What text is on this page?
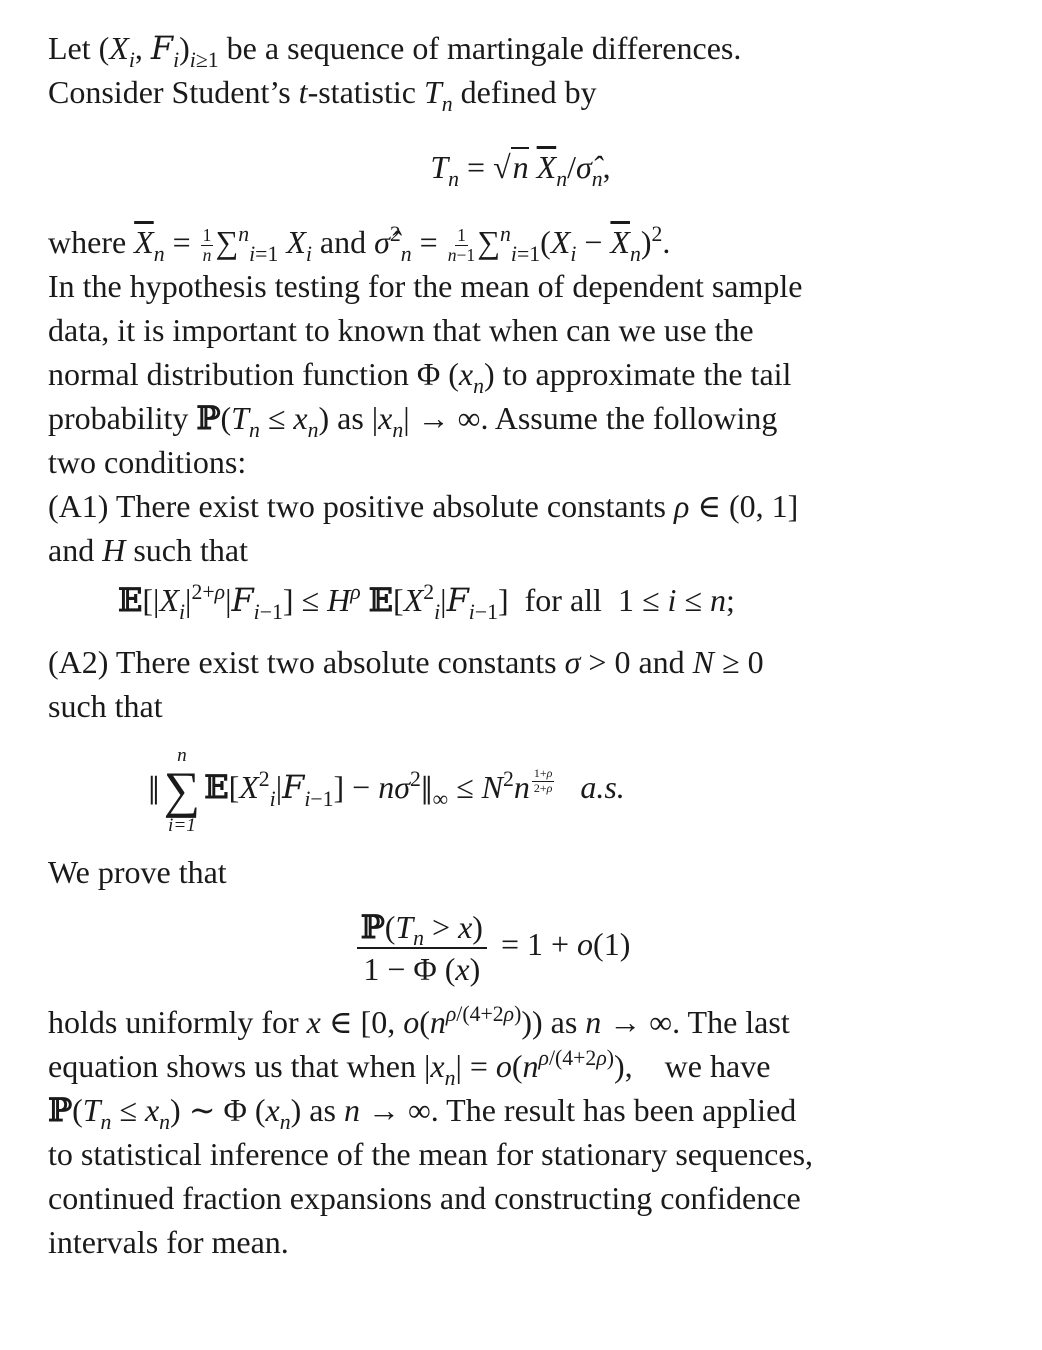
Let ($X_i$, $F_i)_{i\ge 1}$ be a sequence of martingale differences.
Consider Student’s t-statistic $T_n$ defined by
$T_n = √n$ $\overline{X}_n/\sigmâ_n$,
where $\overline{X}_n = \frac{1}{n} \sum^n_{i=1}$ $X_i$ and σ̂$^2_n$ = $\frac{1}{n-1} \sum^n_{i=1}(X_i - \overline{X}_n)^2$.
In the hypothesis testing for the mean of dependent sample
data, it is important to known that when can we use the
normal distribution function Φ $(x_n)$ to approximate the tail
probability $ℙ(T_n \le x_n)$ as $|x_n|$ → ∞. Assume the following
two conditions:
(A1) There exist two positive absolute constants ρ ∈ (0, 1]
and H such that
$𝔼[|X_i|^{2+\rho}|F_{i-1}] \le H^\rho$ $𝔼[X^2_i|F_{i-1}]$  for all  1 ≤ i ≤ n;
(A2) There exist two absolute constants σ > 0 and N ≥ 0
such that
‖
n
∑
i=1
$𝔼[X^2_i|F_{i-1}]$ − $n\sigma^2‖_\infty \le N^2n$ $^{\frac{1+\rho}{2+\rho}}$ a.s.
We prove that
$\frac{ℙ(T_n > x)}{1 - \Phi (x)} = 1 + o(1)$
holds uniformly for x ∈ [0, $o(n^{\rho/(4+2\rho)})$) as n → ∞. The last
equation shows us that when $|x_n| = o(n^{\rho/(4+2\rho)})$,    we have
$ℙ(T_n \le x_n)$ ∼ Φ $(x_n)$ as n → ∞. The result has been applied
to statistical inference of the mean for stationary sequences,
continued fraction expansions and constructing confidence
intervals for mean.
